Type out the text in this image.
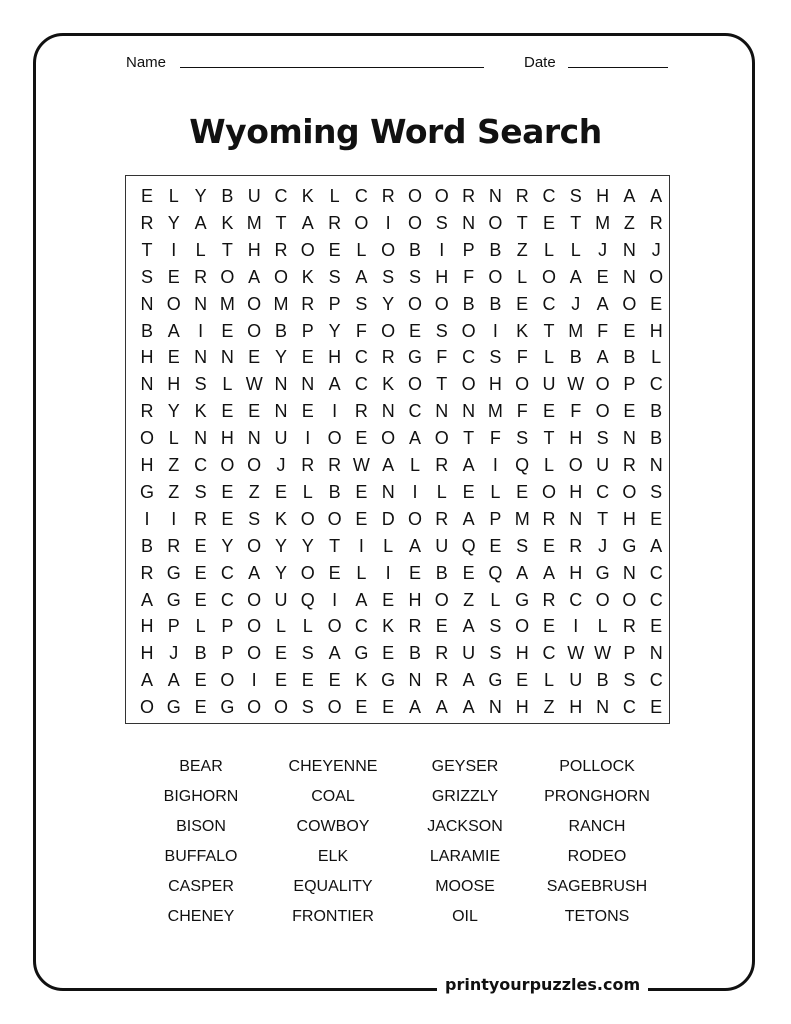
Name	Date
Wyoming Word Search
E L Y B U C K L C R O O R N R C S H A A
R Y A K M T A R O I O S N O T E T M Z R
T	I	L T H R O E L O B	I	P B Z L L J N J
S E R O A O K S A S S H F O L O A E N O
N O N M O M R P S Y O O B B E C J A O E
B A	I	E O B P Y F O E S O I	K T M F E H
H E N N E Y E H C R G F C S F L B A B L
N H S L W N N A C K O T O H O U W O P C
R Y K E E N E	I R N C N N M F E F O E B
O L N H N U I O E O A O T F S T H S N B
H Z C O O J R R W A L R A	I Q L O U R N
G Z S E Z E L B E N I	L E L E O H C O S
I	I R E S K O O E D O R A P M R N T H E
B R E Y O Y Y T	I	L A U Q E S E R J G A
R G E C A Y O E L	I	E B E Q A A H G N C
A G E C O U Q I	A E H O Z L G R C O O C
H P L P O L L O C K R E A S O E	I	L R E
H J B P O E S A G E B R U S H C W W P N
A A E O I	E E E K G N R A G E L U B S C
O G E G O O S O E E A A A N H Z H N C E
BEAR
BIGHORN
BISON
BUFFALO
CASPER
CHENEY
CHEYENNE
COAL
COWBOY
ELK
EQUALITY
FRONTIER
GEYSER
GRIZZLY
JACKSON
LARAMIE
MOOSE
OIL
POLLOCK
PRONGHORN
RANCH
RODEO
SAGEBRUSH
TETONS
printyourpuzzles.com
